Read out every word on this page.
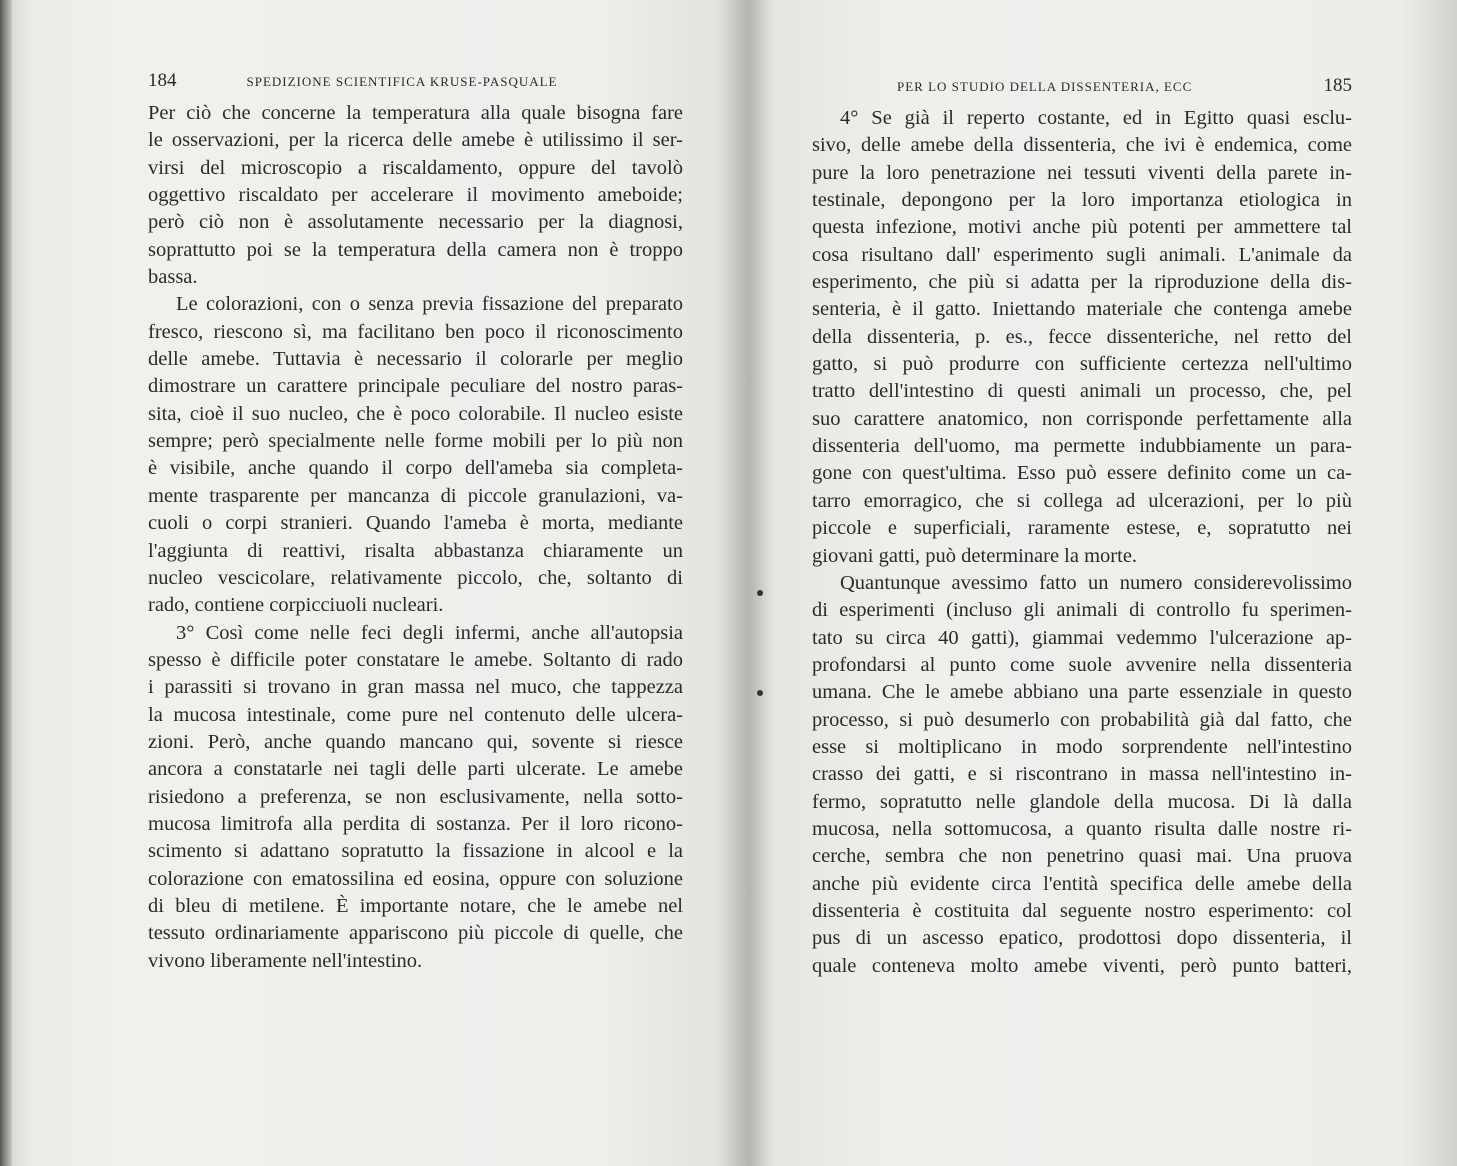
184	SPEDIZIONE SCIENTIFICA KRUSE-PASQUALE
Per ciò che concerne la temperatura alla quale bisogna fare
le osservazioni, per la ricerca delle amebe è utilissimo il ser-
virsi del microscopio a riscaldamento, oppure del tavolò
oggettivo riscaldato per accelerare il movimento ameboide;
però ciò non è assolutamente necessario per la diagnosi,
soprattutto poi se la temperatura della camera non è troppo
bassa.
Le colorazioni, con o senza previa fissazione del preparato
fresco, riescono sì, ma facilitano ben poco il riconoscimento
delle amebe. Tuttavia è necessario il colorarle per meglio
dimostrare un carattere principale peculiare del nostro paras-
sita, cioè il suo nucleo, che è poco colorabile. Il nucleo esiste
sempre; però specialmente nelle forme mobili per lo più non
è visibile, anche quando il corpo dell'ameba sia completa-
mente trasparente per mancanza di piccole granulazioni, va-
cuoli o corpi stranieri. Quando l'ameba è morta, mediante
l'aggiunta di reattivi, risalta abbastanza chiaramente un
nucleo vescicolare, relativamente piccolo, che, soltanto di
rado, contiene corpicciuoli nucleari.
3° Così come nelle feci degli infermi, anche all'autopsia
spesso è difficile poter constatare le amebe. Soltanto di rado
i parassiti si trovano in gran massa nel muco, che tappezza
la mucosa intestinale, come pure nel contenuto delle ulcera-
zioni. Però, anche quando mancano qui, sovente si riesce
ancora a constatarle nei tagli delle parti ulcerate. Le amebe
risiedono a preferenza, se non esclusivamente, nella sotto-
mucosa limitrofa alla perdita di sostanza. Per il loro ricono-
scimento si adattano sopratutto la fissazione in alcool e la
colorazione con ematossilina ed eosina, oppure con soluzione
di bleu di metilene. È importante notare, che le amebe nel
tessuto ordinariamente appariscono più piccole di quelle, che
vivono liberamente nell'intestino.
PER LO STUDIO DELLA DISSENTERIA, ECC	185
4° Se già il reperto costante, ed in Egitto quasi esclu-
sivo, delle amebe della dissenteria, che ivi è endemica, come
pure la loro penetrazione nei tessuti viventi della parete in-
testinale, depongono per la loro importanza etiologica in
questa infezione, motivi anche più potenti per ammettere tal
cosa risultano dall' esperimento sugli animali. L'animale da
esperimento, che più si adatta per la riproduzione della dis-
senteria, è il gatto. Iniettando materiale che contenga amebe
della dissenteria, p. es., fecce dissenteriche, nel retto del
gatto, si può produrre con sufficiente certezza nell'ultimo
tratto dell'intestino di questi animali un processo, che, pel
suo carattere anatomico, non corrisponde perfettamente alla
dissenteria dell'uomo, ma permette indubbiamente un para-
gone con quest'ultima. Esso può essere definito come un ca-
tarro emorragico, che si collega ad ulcerazioni, per lo più
piccole e superficiali, raramente estese, e, sopratutto nei
giovani gatti, può determinare la morte.
Quantunque avessimo fatto un numero considerevolissimo
di esperimenti (incluso gli animali di controllo fu sperimen-
tato su circa 40 gatti), giammai vedemmo l'ulcerazione ap-
profondarsi al punto come suole avvenire nella dissenteria
umana. Che le amebe abbiano una parte essenziale in questo
processo, si può desumerlo con probabilità già dal fatto, che
esse si moltiplicano in modo sorprendente nell'intestino
crasso dei gatti, e si riscontrano in massa nell'intestino in-
fermo, sopratutto nelle glandole della mucosa. Di là dalla
mucosa, nella sottomucosa, a quanto risulta dalle nostre ri-
cerche, sembra che non penetrino quasi mai. Una pruova
anche più evidente circa l'entità specifica delle amebe della
dissenteria è costituita dal seguente nostro esperimento: col
pus di un ascesso epatico, prodottosi dopo dissenteria, il
quale conteneva molto amebe viventi, però punto batteri,
